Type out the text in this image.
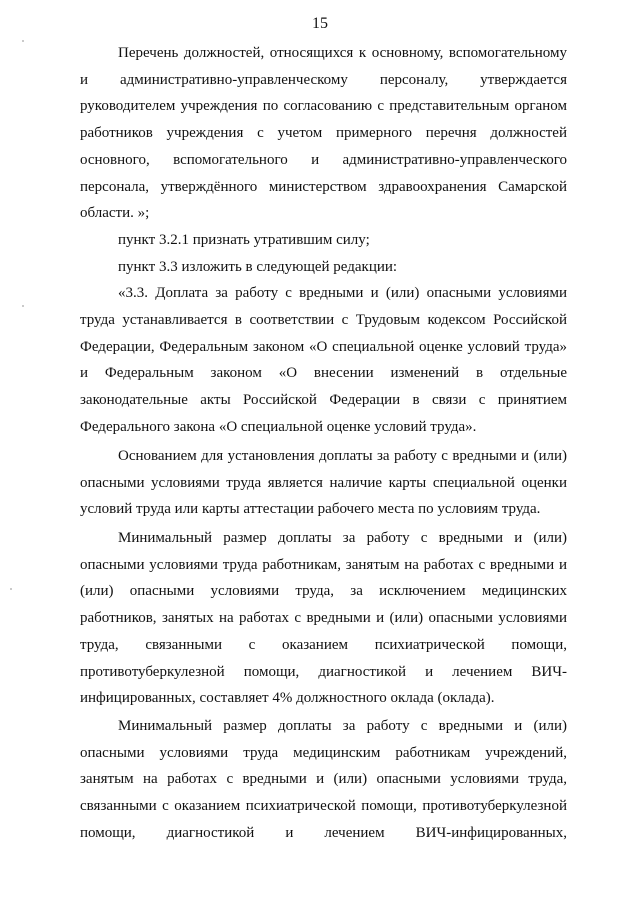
15

Перечень должностей, относящихся к основному, вспомогательному и административно-управленческому персоналу, утверждается руководителем учреждения по согласованию с представительным органом работников учреждения с учетом примерного перечня должностей основного, вспомогательного и административно-управленческого персонала, утверждённого министерством здравоохранения Самарской области. »;

пункт 3.2.1 признать утратившим силу;

пункт 3.3 изложить в следующей редакции:

«3.3. Доплата за работу с вредными и (или) опасными условиями труда устанавливается в соответствии с Трудовым кодексом Российской Федерации, Федеральным законом «О специальной оценке условий труда» и Федеральным законом «О внесении изменений в отдельные законодательные акты Российской Федерации в связи с принятием Федерального закона «О специальной оценке условий труда».

Основанием для установления доплаты за работу с вредными и (или) опасными условиями труда является наличие карты специальной оценки условий труда или карты аттестации рабочего места по условиям труда.

Минимальный размер доплаты за работу с вредными и (или) опасными условиями труда работникам, занятым на работах с вредными и (или) опасными условиями труда, за исключением медицинских работников, занятых на работах с вредными и (или) опасными условиями труда, связанными с оказанием психиатрической помощи, противотуберкулезной помощи, диагностикой и лечением ВИЧ-инфицированных, составляет 4% должностного оклада (оклада).

Минимальный размер доплаты за работу с вредными и (или) опасными условиями труда медицинским работникам учреждений, занятым на работах с вредными и (или) опасными условиями труда, связанными с оказанием психиатрической помощи, противотуберкулезной помощи, диагностикой и лечением ВИЧ-инфицированных,
